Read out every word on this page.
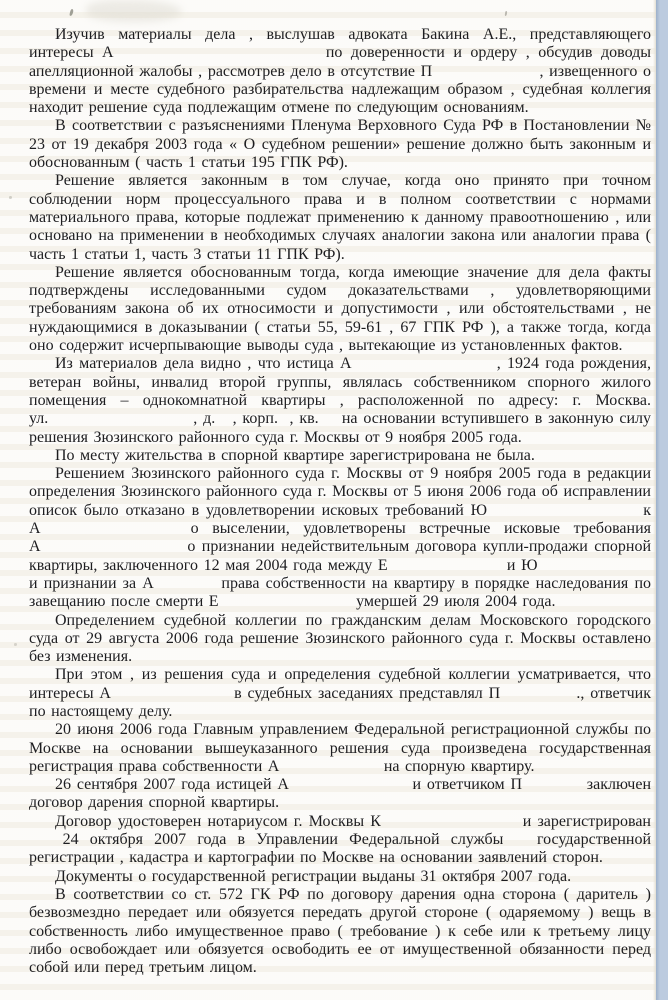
Изучив материалы дела , выслушав адвоката Бакина А.Е., представляющего интересы А                         по доверенности и ордеру , обсудив доводы апелляционной жалобы , рассмотрев дело в отсутствие П                   , извещенного о времени и месте судебного разбирательства надлежащим образом , судебная коллегия находит решение суда подлежащим отмене по следующим основаниям.

В соответствии с разъяснениями Пленума Верховного Суда РФ в Постановлении № 23 от 19 декабря 2003 года « О судебном решении» решение должно быть законным и обоснованным ( часть 1 статьи 195 ГПК РФ).

Решение является законным в том случае, когда оно принято при точном соблюдении норм процессуального права и в полном соответствии с нормами материального права, которые подлежат применению к данному правоотношению , или основано на применении в необходимых случаях аналогии закона или аналогии права ( часть 1 статьи 1, часть 3 статьи 11 ГПК РФ).

Решение является обоснованным тогда, когда имеющие значение для дела факты подтверждены исследованными судом доказательствами , удовлетворяющими требованиям закона об их относимости и допустимости , или обстоятельствами , не нуждающимися в доказывании ( статьи 55, 59-61 , 67 ГПК РФ ), а также тогда, когда оно содержит исчерпывающие выводы суда , вытекающие из установленных фактов.

Из материалов дела видно , что истица А                       , 1924 года рождения, ветеран войны, инвалид второй группы, являлась собственником спорного жилого помещения – однокомнатной квартиры , расположенной по адресу: г. Москва. ул.                         , д.   , корп.  , кв.    на основании вступившего в законную силу решения Зюзинского районного суда г. Москвы от 9 ноября 2005 года.

По месту жительства в спорной квартире зарегистрирована не была.

Решением Зюзинского районного суда г. Москвы от 9 ноября 2005 года в редакции определения Зюзинского районного суда г. Москвы от 5 июня 2006 года об исправлении описок было отказано в удовлетворении исковых требований Ю                       к А           о выселении, удовлетворены встречные исковые требования А                       о признании недействительным договора купли-продажи спорной квартиры, заключенного 12 мая 2004 года между Е                     и Ю                     и признании за А           права собственности на квартиру в порядке наследования по завещанию после смерти Е                         умершей 29 июля 2004 года.

Определением судебной коллегии по гражданским делам Московского городского суда от 29 августа 2006 года решение Зюзинского районного суда г. Москвы оставлено без изменения.

При этом , из решения суда и определения судебной коллегии усматривается, что интересы А                     в судебных заседаниях представлял П             ., ответчик по настоящему делу.

20 июня 2006 года Главным управлением Федеральной регистрационной службы по Москве на основании вышеуказанного решения суда произведена государственная регистрация права собственности А                   на спорную квартиру.

26 сентября 2007 года истицей А                     и ответчиком П           заключен договор дарения спорной квартиры.

Договор удостоверен нотариусом г. Москвы К                       и зарегистрирован    24 октября 2007 года в Управлении Федеральной службы   государственной регистрации , кадастра и картографии по Москве на основании заявлений сторон.

Документы о государственной регистрации выданы 31 октября 2007 года.

В соответствии со ст. 572 ГК РФ по договору дарения одна сторона ( даритель ) безвозмездно передает или обязуется передать другой стороне ( одаряемому ) вещь в собственность либо имущественное право ( требование ) к себе или к третьему лицу либо освобождает или обязуется освободить ее от имущественной обязанности перед собой или перед третьим лицом.
